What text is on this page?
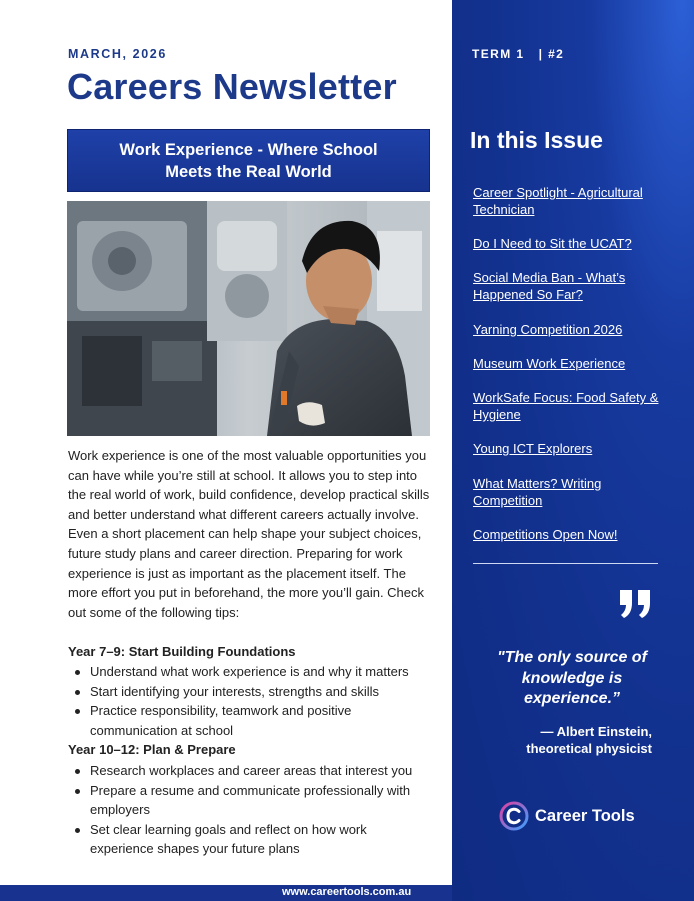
MARCH, 2026
Careers Newsletter
Work Experience - Where School Meets the Real World

Work experience is one of the most valuable opportunities you can have while you’re still at school. It allows you to step into the real world of work, build confidence, develop practical skills and better understand what different careers actually involve. Even a short placement can help shape your subject choices, future study plans and career direction. Preparing for work experience is just as important as the placement itself. The more effort you put in beforehand, the more you’ll gain. Check out some of the following tips:

Year 7–9: Start Building Foundations
Understand what work experience is and why it matters
Start identifying your interests, strengths and skills
Practice responsibility, teamwork and positive communication at school
Year 10–12: Plan & Prepare
Research workplaces and career areas that interest you
Prepare a resume and communicate professionally with employers
Set clear learning goals and reflect on how work experience shapes your future plans
www.careertools.com.au
TERM 1   | #2
In this Issue
Career Spotlight - Agricultural Technician
Do I Need to Sit the UCAT?
Social Media Ban - What’s Happened So Far?
Yarning Competition 2026
Museum Work Experience
WorkSafe Focus: Food Safety & Hygiene
Young ICT Explorers
What Matters? Writing Competition
Competitions Open Now!
"The only source of knowledge is experience.”
— Albert Einstein,
theoretical physicist
Career Tools
